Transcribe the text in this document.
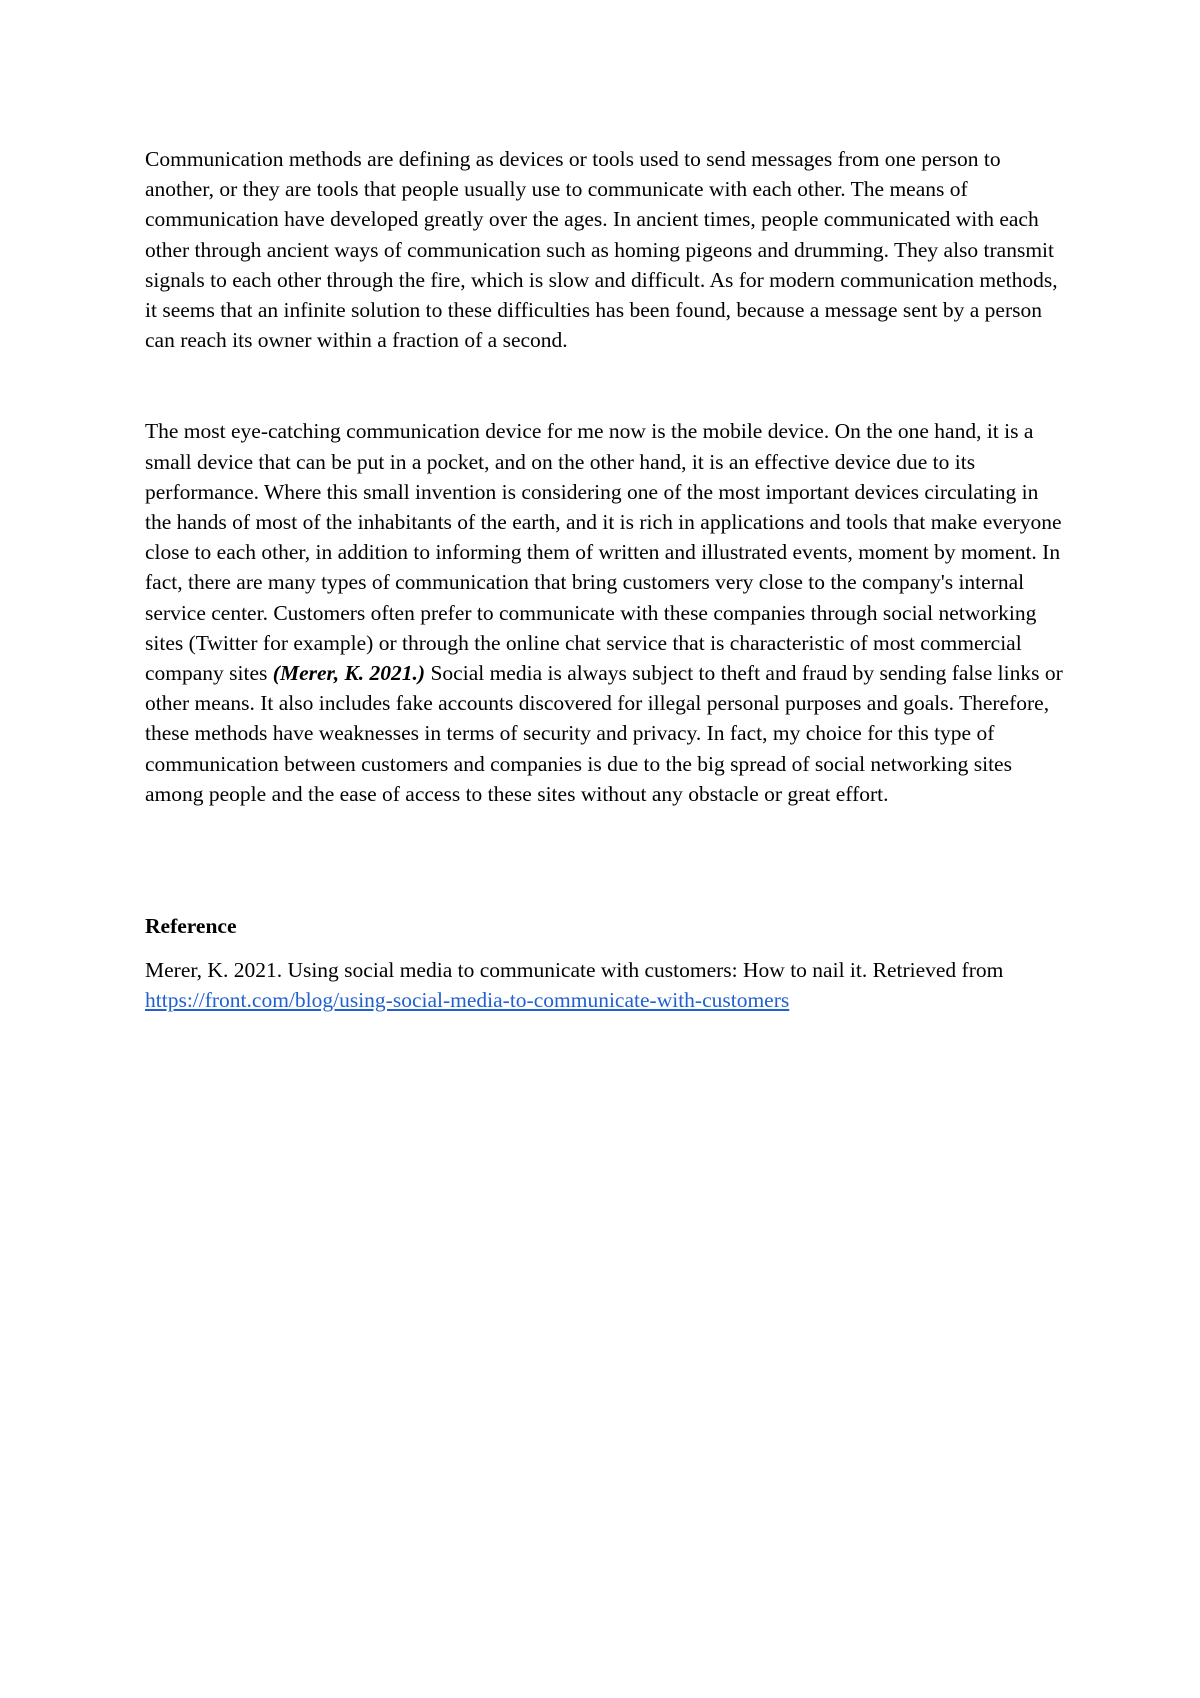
Communication methods are defining as devices or tools used to send messages from one person to another, or they are tools that people usually use to communicate with each other. The means of communication have developed greatly over the ages. In ancient times, people communicated with each other through ancient ways of communication such as homing pigeons and drumming. They also transmit signals to each other through the fire, which is slow and difficult. As for modern communication methods, it seems that an infinite solution to these difficulties has been found, because a message sent by a person can reach its owner within a fraction of a second.

The most eye-catching communication device for me now is the mobile device. On the one hand, it is a small device that can be put in a pocket, and on the other hand, it is an effective device due to its performance. Where this small invention is considering one of the most important devices circulating in the hands of most of the inhabitants of the earth, and it is rich in applications and tools that make everyone close to each other, in addition to informing them of written and illustrated events, moment by moment. In fact, there are many types of communication that bring customers very close to the company's internal service center. Customers often prefer to communicate with these companies through social networking sites (Twitter for example) or through the online chat service that is characteristic of most commercial company sites (Merer, K. 2021.) Social media is always subject to theft and fraud by sending false links or other means. It also includes fake accounts discovered for illegal personal purposes and goals. Therefore, these methods have weaknesses in terms of security and privacy. In fact, my choice for this type of communication between customers and companies is due to the big spread of social networking sites among people and the ease of access to these sites without any obstacle or great effort.

Reference

Merer, K. 2021. Using social media to communicate with customers: How to nail it. Retrieved from https://front.com/blog/using-social-media-to-communicate-with-customers
